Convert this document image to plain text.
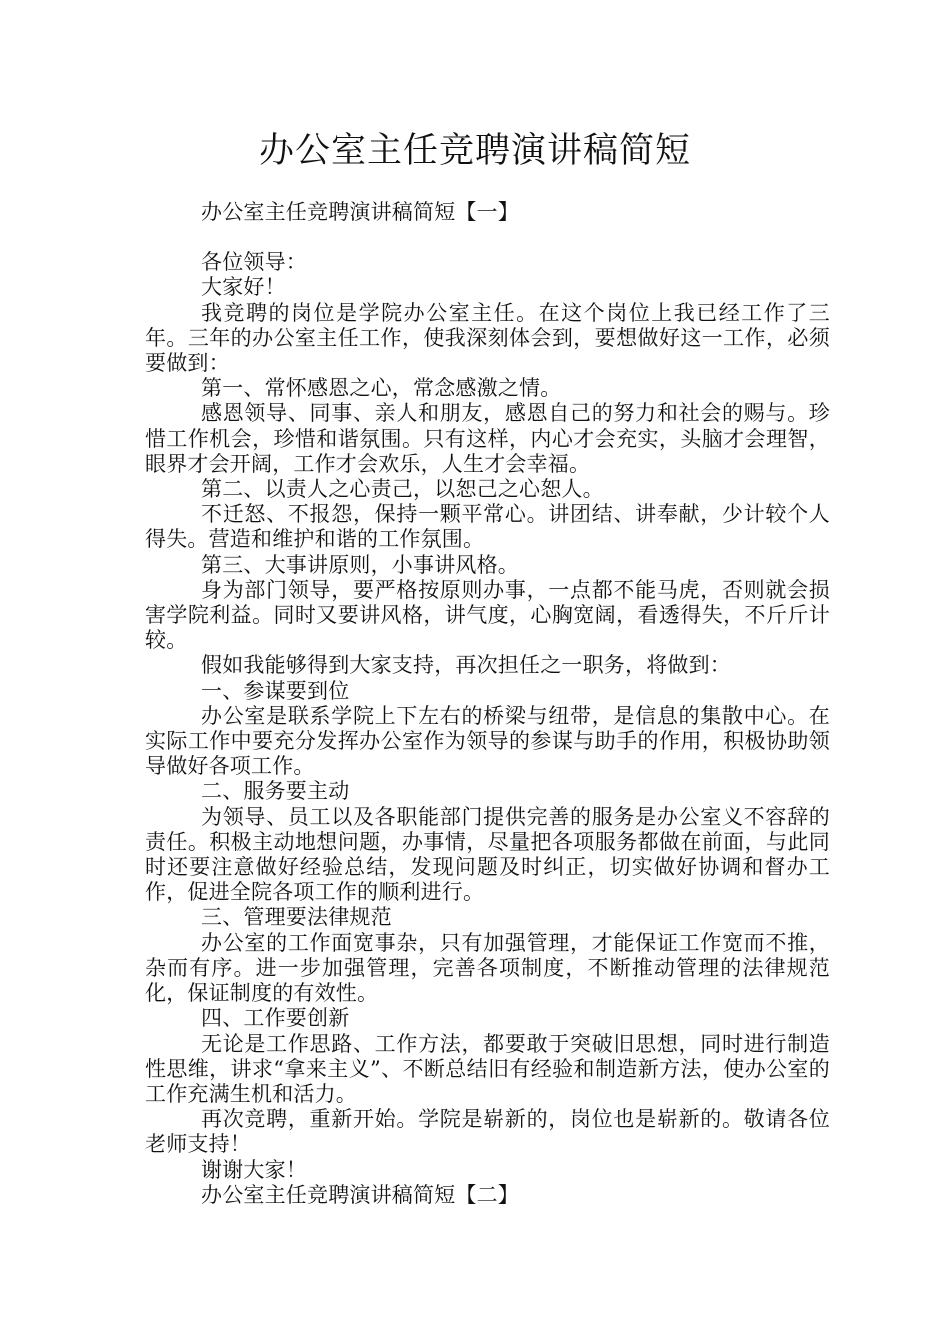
办公室主任竞聘演讲稿简短

办公室主任竞聘演讲稿简短【一】

各位领导：

大家好！

我竞聘的岗位是学院办公室主任。在这个岗位上我已经工作了三年。三年的办公室主任工作，使我深刻体会到，要想做好这一工作，必须要做到：

第一、常怀感恩之心，常念感激之情。

感恩领导、同事、亲人和朋友，感恩自己的努力和社会的赐与。珍惜工作机会，珍惜和谐氛围。只有这样，内心才会充实，头脑才会理智，眼界才会开阔，工作才会欢乐，人生才会幸福。

第二、以责人之心责己，以恕己之心恕人。

不迁怒、不报怨，保持一颗平常心。讲团结、讲奉献，少计较个人得失。营造和维护和谐的工作氛围。

第三、大事讲原则，小事讲风格。

身为部门领导，要严格按原则办事，一点都不能马虎，否则就会损害学院利益。同时又要讲风格，讲气度，心胸宽阔，看透得失，不斤斤计较。

假如我能够得到大家支持，再次担任之一职务，将做到：

一、参谋要到位

办公室是联系学院上下左右的桥梁与纽带，是信息的集散中心。在实际工作中要充分发挥办公室作为领导的参谋与助手的作用，积极协助领导做好各项工作。

二、服务要主动

为领导、员工以及各职能部门提供完善的服务是办公室义不容辞的责任。积极主动地想问题，办事情，尽量把各项服务都做在前面，与此同时还要注意做好经验总结，发现问题及时纠正，切实做好协调和督办工作，促进全院各项工作的顺利进行。

三、管理要法律规范

办公室的工作面宽事杂，只有加强管理，才能保证工作宽而不推，杂而有序。进一步加强管理，完善各项制度，不断推动管理的法律规范化，保证制度的有效性。

四、工作要创新

无论是工作思路、工作方法，都要敢于突破旧思想，同时进行制造性思维，讲求“拿来主义”、不断总结旧有经验和制造新方法，使办公室的工作充满生机和活力。

再次竞聘，重新开始。学院是崭新的，岗位也是崭新的。敬请各位老师支持！

谢谢大家！

办公室主任竞聘演讲稿简短【二】
